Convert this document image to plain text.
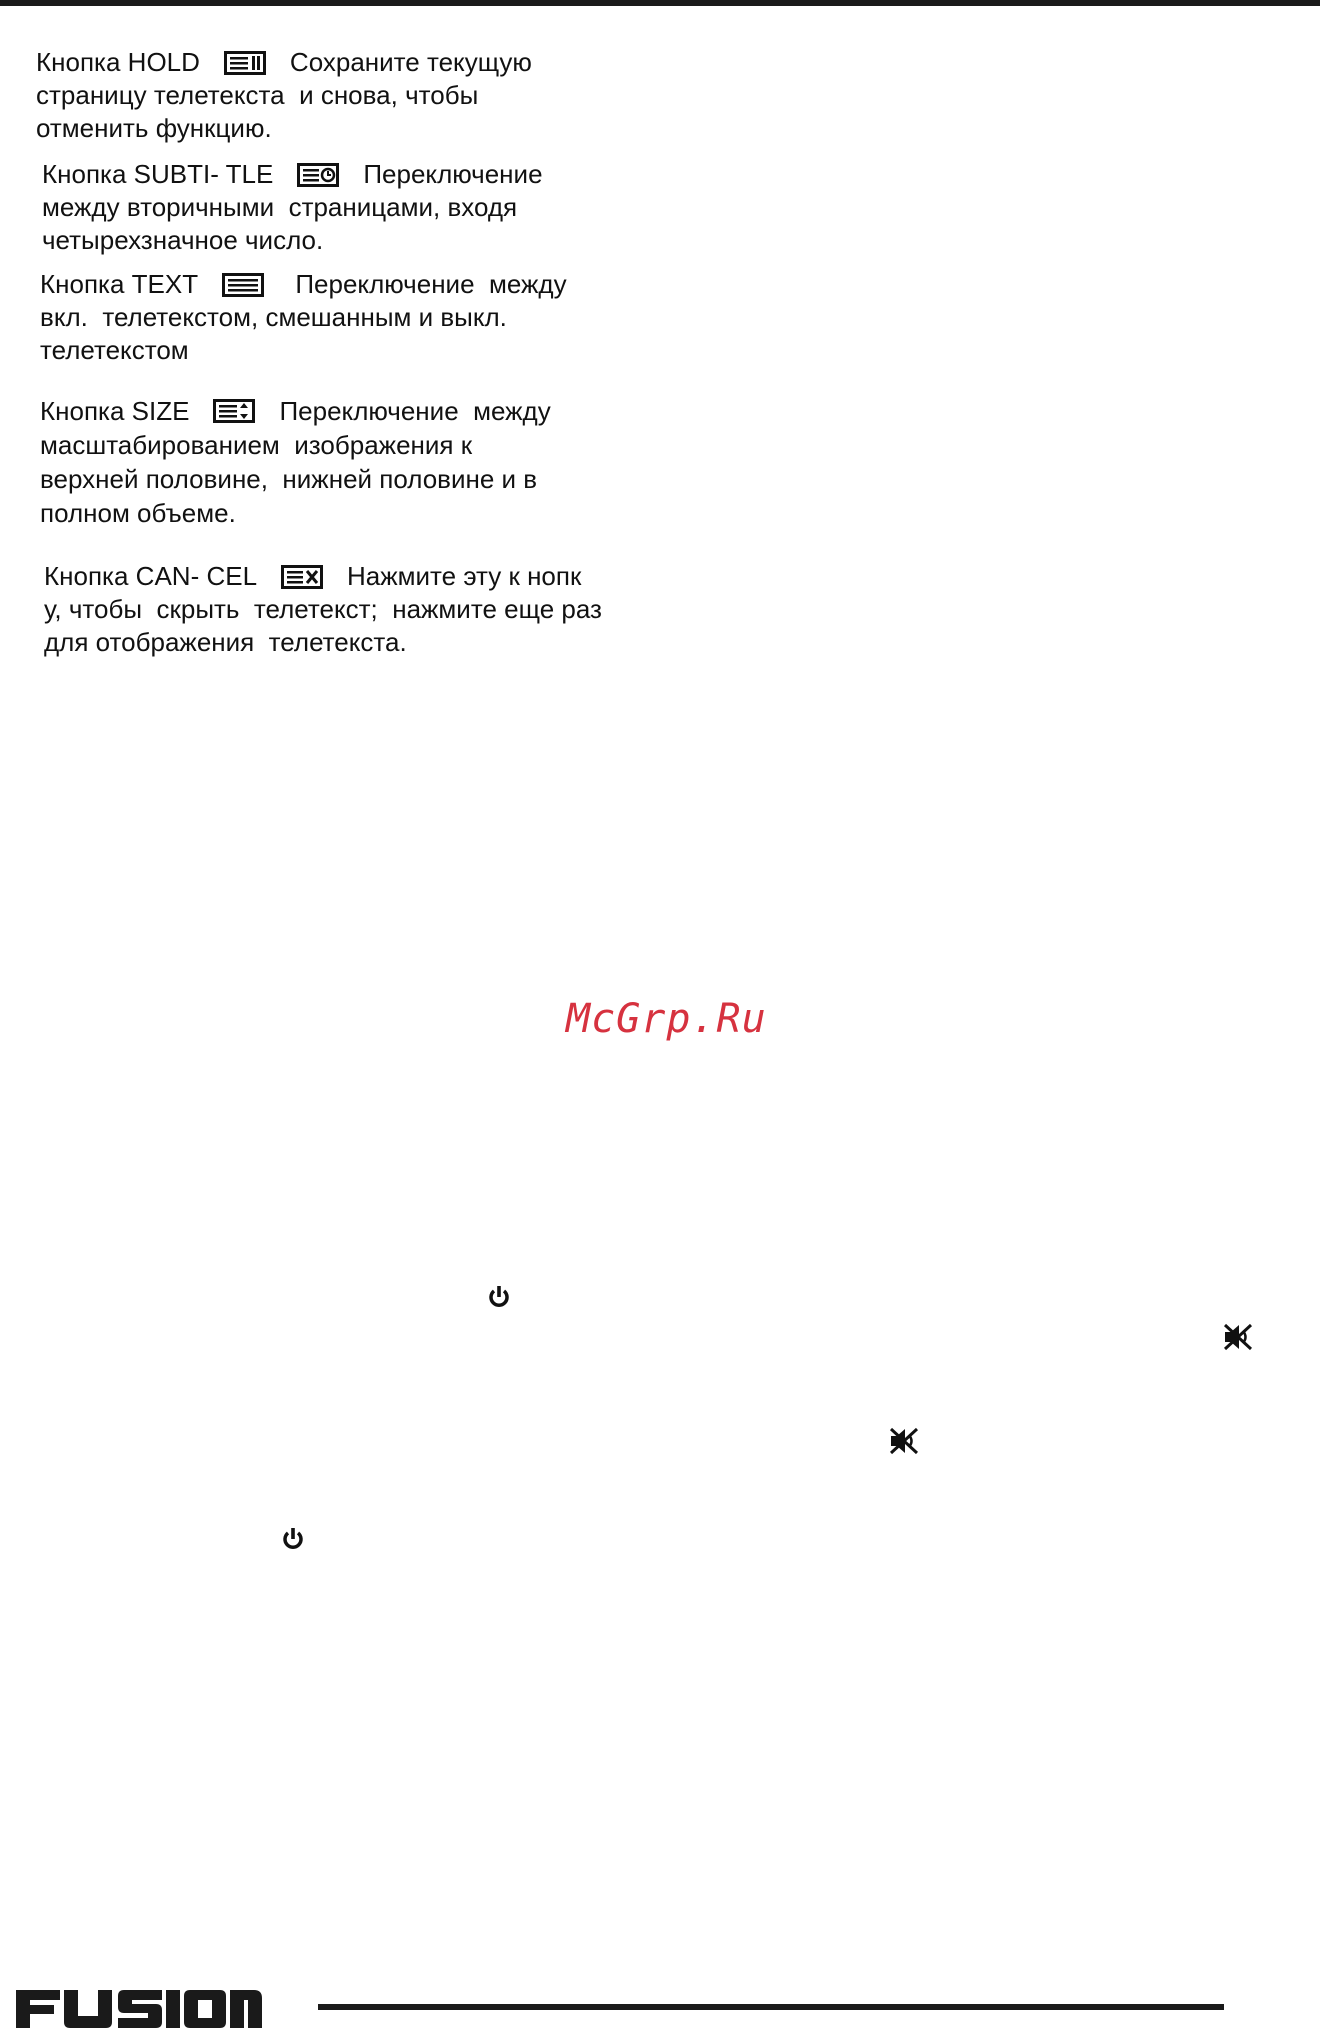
Кнопка HOLD	Сохраните текущую
страницу телетекста  и снова, чтобы
отменить функцию.
Кнопка SUBTI- TLE	Переключение
между вторичными  страницами, входя
четырехзначное число.
Кнопка TEXT	Переключение  между
вкл.  телетекстом, смешанным и выкл.
телетекстом
Кнопка SIZE	Переключение  между
масштабированием  изображения к
верхней половине,  нижней половине и в
полном объеме.
Кнопка CAN- CEL	Нажмите эту к нопк
у, чтобы  скрыть  телетекст;  нажмите еще раз
для отображения  телетекста.
McGrp.Ru
